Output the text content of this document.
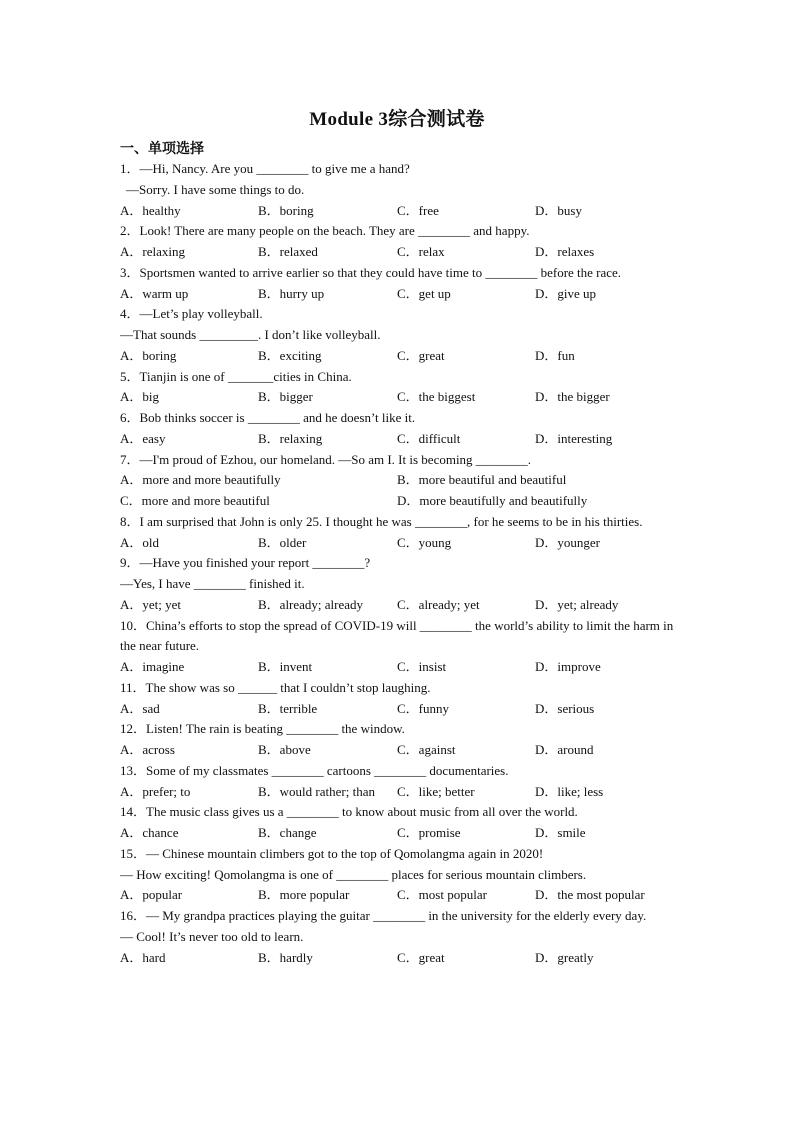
Module 3综合测试卷
一、单项选择
1．—Hi, Nancy. Are you ________ to give me a hand?
—Sorry. I have some things to do.
A．healthy	B．boring	C．free	D．busy
2．Look! There are many people on the beach. They are ________ and happy.
A．relaxing	B．relaxed	C．relax	D．relaxes
3．Sportsmen wanted to arrive earlier so that they could have time to ________ before the race.
A．warm up	B．hurry up	C．get up	D．give up
4．—Let’s play volleyball.
—That sounds _________. I don’t like volleyball.
A．boring	B．exciting	C．great	D．fun
5．Tianjin is one of _______cities in China.
A．big	B．bigger	C．the biggest	D．the bigger
6．Bob thinks soccer is ________ and he doesn’t like it.
A．easy	B．relaxing	C．difficult	D．interesting
7．—I'm proud of Ezhou, our homeland. —So am I. It is becoming ________.
A．more and more beautifully	B．more beautiful and beautiful
C．more and more beautiful	D．more beautifully and beautifully
8．I am surprised that John is only 25. I thought he was ________, for he seems to be in his thirties.
A．old	B．older	C．young	D．younger
9．—Have you finished your report ________?
—Yes, I have ________ finished it.
A．yet; yet	B．already; already	C．already; yet	D．yet; already
10．China’s efforts to stop the spread of COVID-19 will ________ the world’s ability to limit the harm in the near future.
A．imagine	B．invent	C．insist	D．improve
11．The show was so ______ that I couldn’t stop laughing.
A．sad	B．terrible	C．funny	D．serious
12．Listen! The rain is beating ________ the window.
A．across	B．above	C．against	D．around
13．Some of my classmates ________ cartoons ________ documentaries.
A．prefer; to	B．would rather; than C．like; better	D．like; less
14．The music class gives us a ________ to know about music from all over the world.
A．chance	B．change	C．promise	D．smile
15．— Chinese mountain climbers got to the top of Qomolangma again in 2020!
— How exciting! Qomolangma is one of ________ places for serious mountain climbers.
A．popular	B．more popular	C．most popular	D．the most popular
16．— My grandpa practices playing the guitar ________ in the university for the elderly every day.
— Cool! It’s never too old to learn.
A．hard	B．hardly	C．great	D．greatly
